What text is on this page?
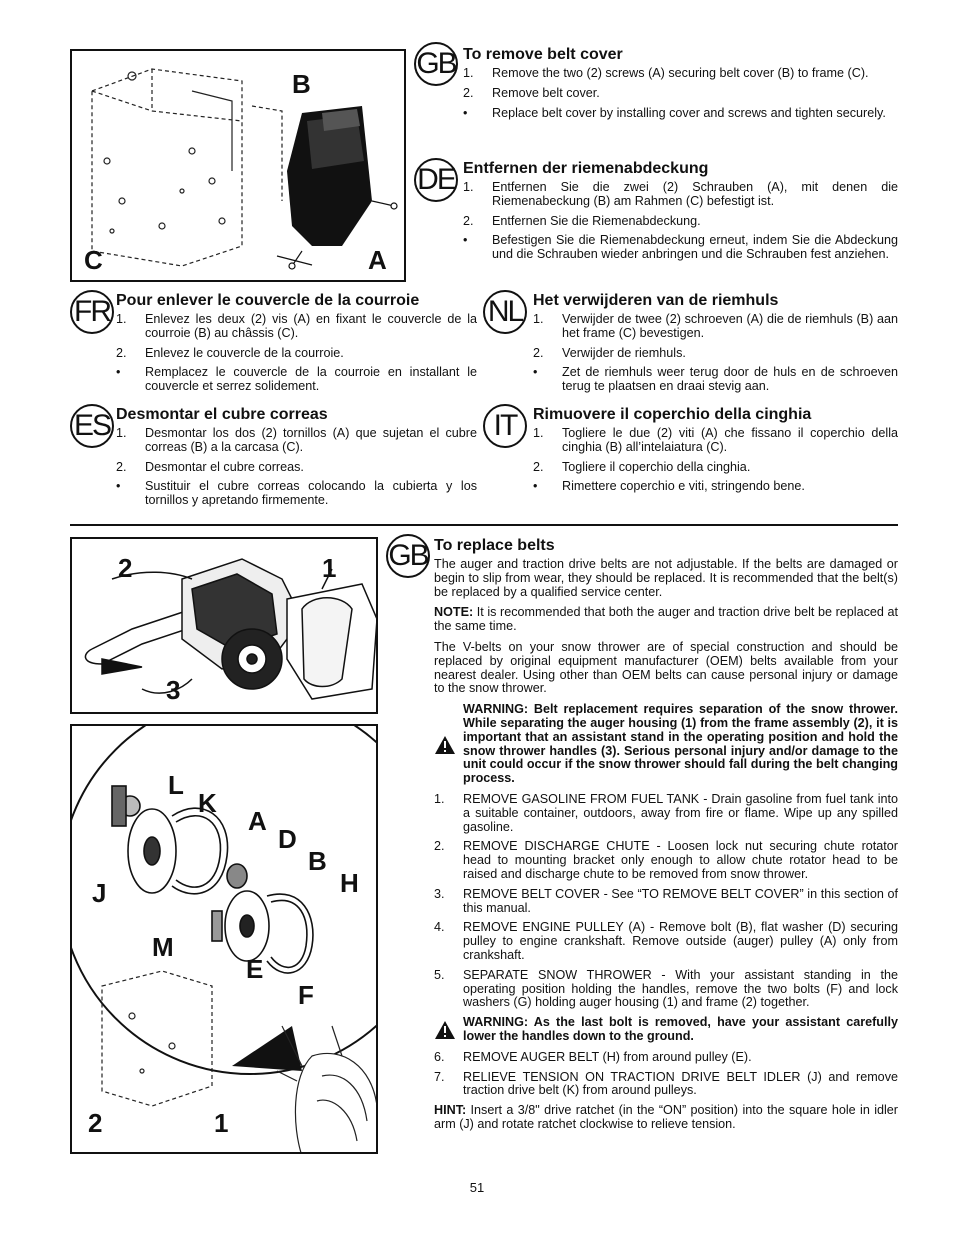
B
C	A
GB To remove belt cover
1.	Remove the two (2) screws (A) securing belt cover (B) to frame (C).
2.	Remove belt cover.
•	Replace belt cover by installing cover and screws and tighten securely.
DE Entfernen der riemenabdeckung
1.	Entfernen Sie die zwei (2) Schrauben (A), mit denen die Riemenabeckung (B) am Rahmen (C) befestigt ist.
2.	Entfernen Sie die Riemenabdeckung.
•	Befestigen Sie die Riemenabdeckung erneut, indem Sie die Abdeckung und die Schrauben wieder anbringen und die Schrauben fest anziehen.
FR Pour enlever le couvercle de la courroie
1.	Enlevez les deux (2) vis (A) en fixant le couvercle de la courroie (B) au châssis (C).
2.	Enlevez le couvercle de la courroie.
•	Remplacez le couvercle de la courroie en installant le couvercle et serrez solidement.
NL Het verwijderen van de riemhuls
1.	Verwijder de twee (2) schroeven (A) die de riemhuls (B) aan het frame (C) bevestigen.
2.	Verwijder de riemhuls.
•	Zet de riemhuls weer terug door de huls en de schroeven terug te plaatsen en draai stevig aan.
ES Desmontar el cubre correas
1.	Desmontar los dos (2) tornillos (A) que sujetan el cubre correas (B) a la carcasa (C).
2.	Desmontar el cubre correas.
•	Sustituir el cubre correas colocando la cubierta y los tornillos y apretando firmemente.
IT	Rimuovere il coperchio della cinghia
1.	Togliere le due (2) viti (A) che fissano il coperchio della cinghia (B) all’intelaiatura (C).
2.	Togliere il coperchio della cinghia.
•	Rimettere coperchio e viti, stringendo bene.
2	1
3
L
K
A
D
B
H
J
M
E
F
2	1
GB To replace belts

The auger and traction drive belts are not adjustable. If the belts are damaged or begin to slip from wear, they should be replaced. It is recommended that the belt(s) be replaced by a qualified service center.

NOTE: It is recommended that both the auger and traction drive belt be replaced at the same time.

The V-belts on your snow thrower are of special construction and should be replaced by original equipment manufacturer (OEM) belts available from your nearest dealer. Using other than OEM belts can cause personal injury or damage to the snow thrower.

WARNING: Belt replacement requires separation of the snow thrower. While separating the auger housing (1) from the frame assembly (2), it is important that an assistant stand in the operating position and hold the snow thrower handles (3). Serious personal injury and/or damage to the unit could occur if the snow thrower should fall during the belt changing process.
1.	REMOVE GASOLINE FROM FUEL TANK - Drain gasoline from fuel tank into a suitable container, outdoors, away from fire or flame. Wipe up any spilled gasoline.
2.	REMOVE DISCHARGE CHUTE - Loosen lock nut securing chute rotator head to mounting bracket only enough to allow chute rotator head to be raised and discharge chute to be removed from snow thrower.
3.	REMOVE BELT COVER - See “TO REMOVE BELT COVER” in this section of this manual.
4.	REMOVE ENGINE PULLEY (A) - Remove bolt (B), flat washer (D) securing pulley to engine crankshaft. Remove outside (auger) pulley (A) only from crankshaft.
5.	SEPARATE SNOW THROWER - With your assistant standing in the operating position holding the handles, remove the two bolts (F) and lock washers (G) holding auger housing (1) and frame (2) together.
WARNING: As the last bolt is removed, have your assistant carefully lower the handles down to the ground.
6.	REMOVE AUGER BELT (H) from around pulley (E).
7.	RELIEVE TENSION ON TRACTION DRIVE BELT IDLER (J) and remove traction drive belt (K) from around pulleys.

HINT: Insert a 3/8" drive ratchet (in the “ON” position) into the square hole in idler arm (J) and rotate ratchet clockwise to relieve tension.

51
